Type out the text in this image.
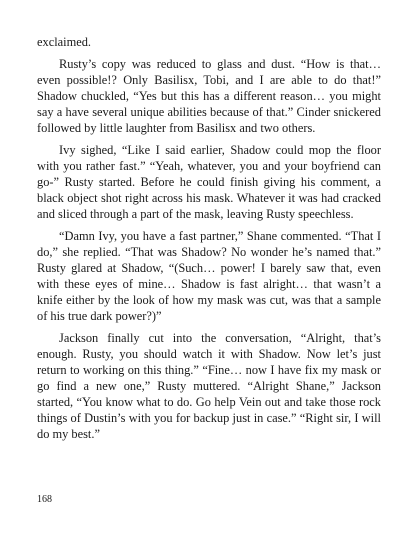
exclaimed.

Rusty’s copy was reduced to glass and dust. “How is that… even possible!? Only Basilisx, Tobi, and I are able to do that!” Shadow chuckled, “Yes but this has a different reason… you might say a have several unique abilities because of that.” Cinder snickered followed by little laughter from Basilisx and two others.

Ivy sighed, “Like I said earlier, Shadow could mop the floor with you rather fast.” “Yeah, whatever, you and your boyfriend can go-” Rusty started. Before he could finish giving his comment, a black object shot right across his mask. Whatever it was had cracked and sliced through a part of the mask, leaving Rusty speechless.

“Damn Ivy, you have a fast partner,” Shane commented. “That I do,” she replied. “That was Shadow? No wonder he’s named that.” Rusty glared at Shadow, “(Such… power! I barely saw that, even with these eyes of mine… Shadow is fast alright… that wasn’t a knife either by the look of how my mask was cut, was that a sample of his true dark power?)”

Jackson finally cut into the conversation, “Alright, that’s enough. Rusty, you should watch it with Shadow. Now let’s just return to working on this thing.” “Fine… now I have fix my mask or go find a new one,” Rusty muttered. “Alright Shane,” Jackson started, “You know what to do. Go help Vein out and take those rock things of Dustin’s with you for backup just in case.” “Right sir, I will do my best.”

168
